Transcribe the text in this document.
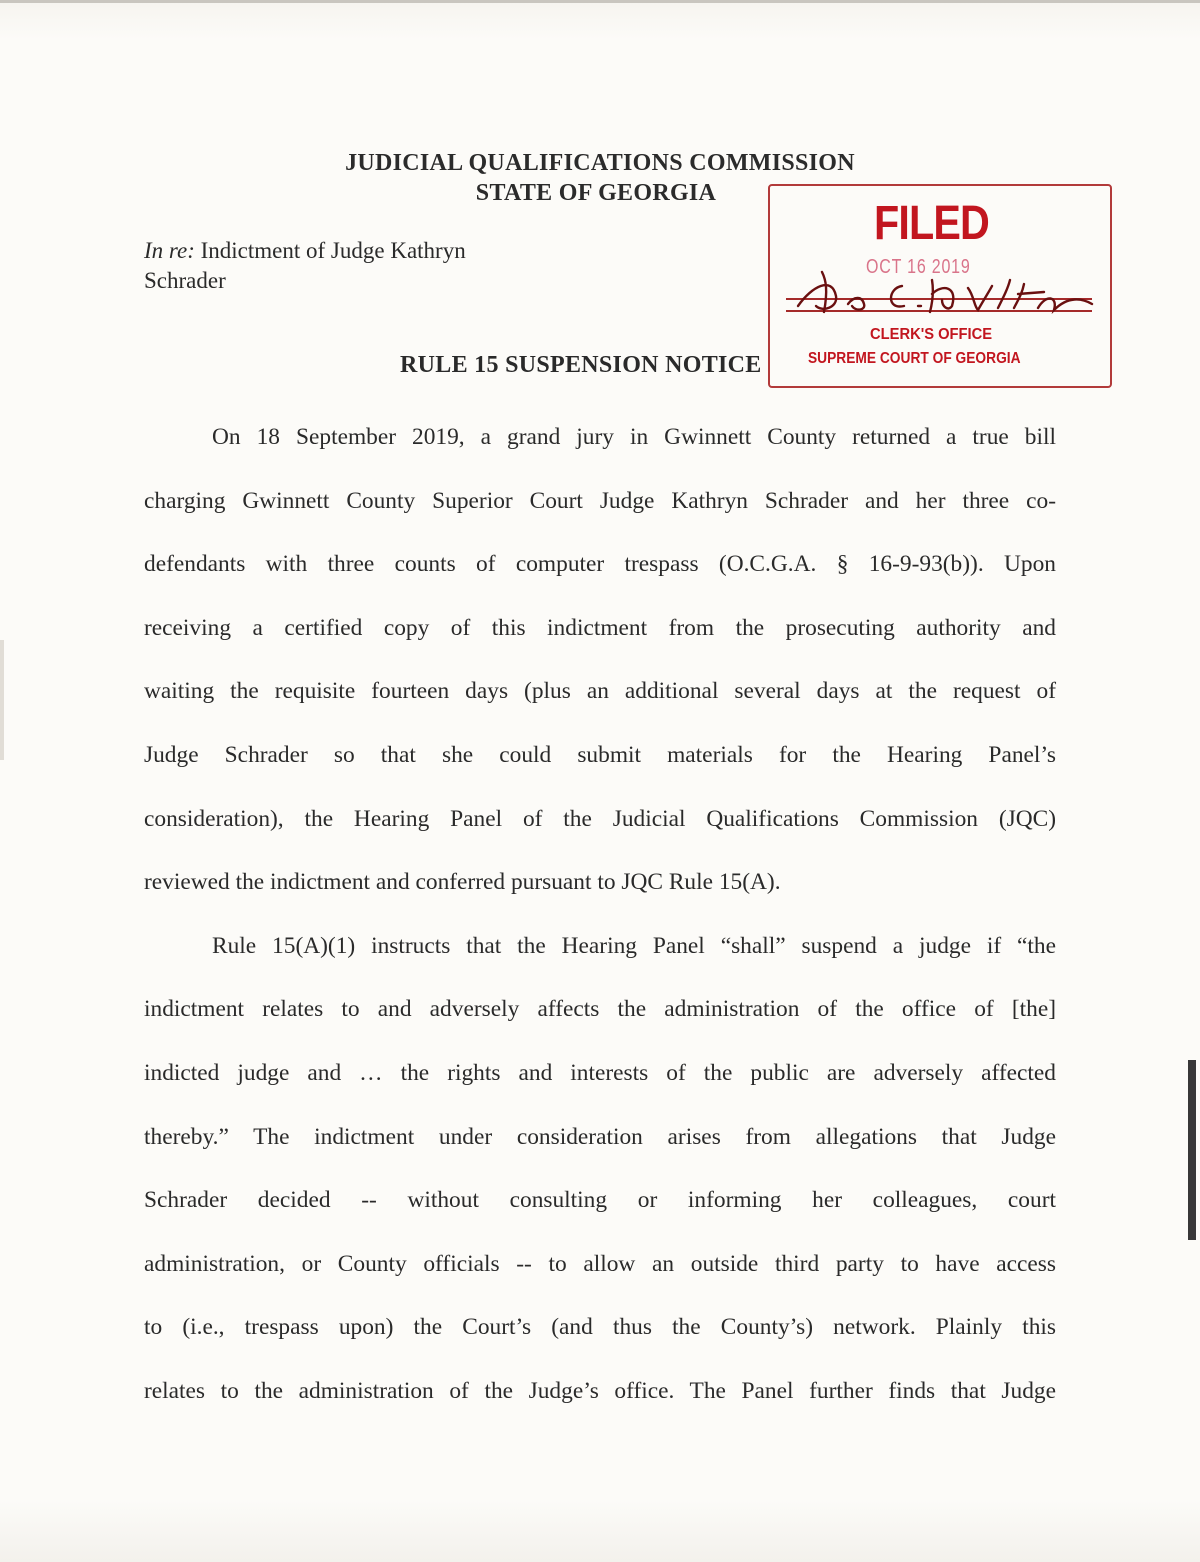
JUDICIAL QUALIFICATIONS COMMISSION
STATE OF GEORGIA
In re: Indictment of Judge Kathryn
Schrader
RULE 15 SUSPENSION NOTICE
FILED
OCT 16 2019
CLERK'S OFFICE
SUPREME COURT OF GEORGIA
On 18 September 2019, a grand jury in Gwinnett County returned a true bill
charging Gwinnett County Superior Court Judge Kathryn Schrader and her three co-
defendants with three counts of computer trespass (O.C.G.A. § 16-9-93(b)). Upon
receiving a certified copy of this indictment from the prosecuting authority and
waiting the requisite fourteen days (plus an additional several days at the request of
Judge Schrader so that she could submit materials for the Hearing Panel’s
consideration), the Hearing Panel of the Judicial Qualifications Commission (JQC)
reviewed the indictment and conferred pursuant to JQC Rule 15(A).
Rule 15(A)(1) instructs that the Hearing Panel “shall” suspend a judge if “the
indictment relates to and adversely affects the administration of the office of [the]
indicted judge and … the rights and interests of the public are adversely affected
thereby.” The indictment under consideration arises from allegations that Judge
Schrader decided -- without consulting or informing her colleagues, court
administration, or County officials -- to allow an outside third party to have access
to (i.e., trespass upon) the Court’s (and thus the County’s) network. Plainly this
relates to the administration of the Judge’s office. The Panel further finds that Judge
